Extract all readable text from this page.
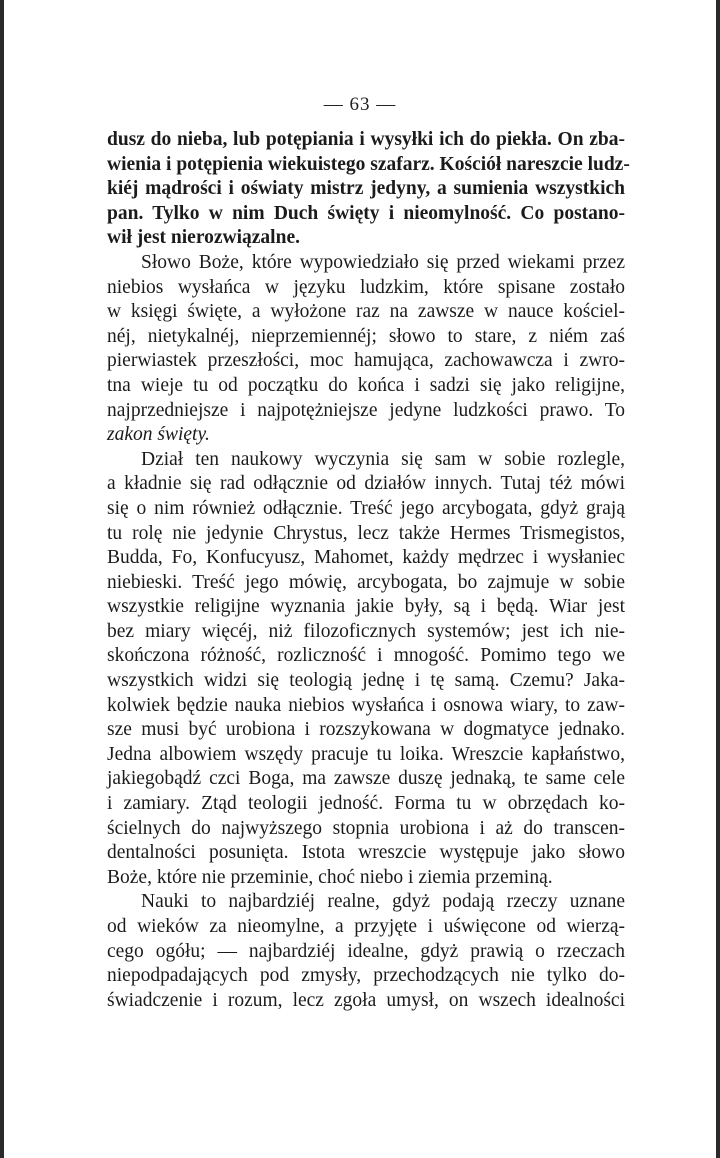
— 63 —
dusz do nieba, lub potępiania i wysyłki ich do piekła. On zba-
wienia i potępienia wiekuistego szafarz. Kościół nareszcie ludz-
kiéj mądrości i oświaty mistrz jedyny, a sumienia wszystkich
pan. Tylko w nim Duch święty i nieomylność. Co postano-
wił jest nierozwiązalne.
Słowo Boże, które wypowiedziało się przed wiekami przez
niebios wysłańca w języku ludzkim, które spisane zostało
w księgi święte, a wyłożone raz na zawsze w nauce kościel-
néj, nietykalnéj, nieprzemiennéj; słowo to stare, z niém zaś
pierwiastek przeszłości, moc hamująca, zachowawcza i zwro-
tna wieje tu od początku do końca i sadzi się jako religijne,
najprzedniejsze i najpotężniejsze jedyne ludzkości prawo. To
zakon święty.
Dział ten naukowy wyczynia się sam w sobie rozlegle,
a kładnie się rad odłącznie od działów innych. Tutaj téż mówi
się o nim również odłącznie. Treść jego arcybogata, gdyż grają
tu rolę nie jedynie Chrystus, lecz także Hermes Trismegistos,
Budda, Fo, Konfucyusz, Mahomet, każdy mędrzec i wysłaniec
niebieski. Treść jego mówię, arcybogata, bo zajmuje w sobie
wszystkie religijne wyznania jakie były, są i będą. Wiar jest
bez miary więcéj, niż filozoficznych systemów; jest ich nie-
skończona różność, rozliczność i mnogość. Pomimo tego we
wszystkich widzi się teologią jednę i tę samą. Czemu? Jaka-
kolwiek będzie nauka niebios wysłańca i osnowa wiary, to zaw-
sze musi być urobiona i rozszykowana w dogmatyce jednako.
Jedna albowiem wszędy pracuje tu loika. Wreszcie kapłaństwo,
jakiegobądź czci Boga, ma zawsze duszę jednaką, te same cele
i zamiary. Ztąd teologii jedność. Forma tu w obrzędach ko-
ścielnych do najwyższego stopnia urobiona i aż do transcen-
dentalności posunięta. Istota wreszcie występuje jako słowo
Boże, które nie przeminie, choć niebo i ziemia przeminą.
Nauki to najbardziéj realne, gdyż podają rzeczy uznane
od wieków za nieomylne, a przyjęte i uświęcone od wierzą-
cego ogółu; — najbardziéj idealne, gdyż prawią o rzeczach
niepodpadających pod zmysły, przechodzących nie tylko do-
świadczenie i rozum, lecz zgoła umysł, on wszech idealności
